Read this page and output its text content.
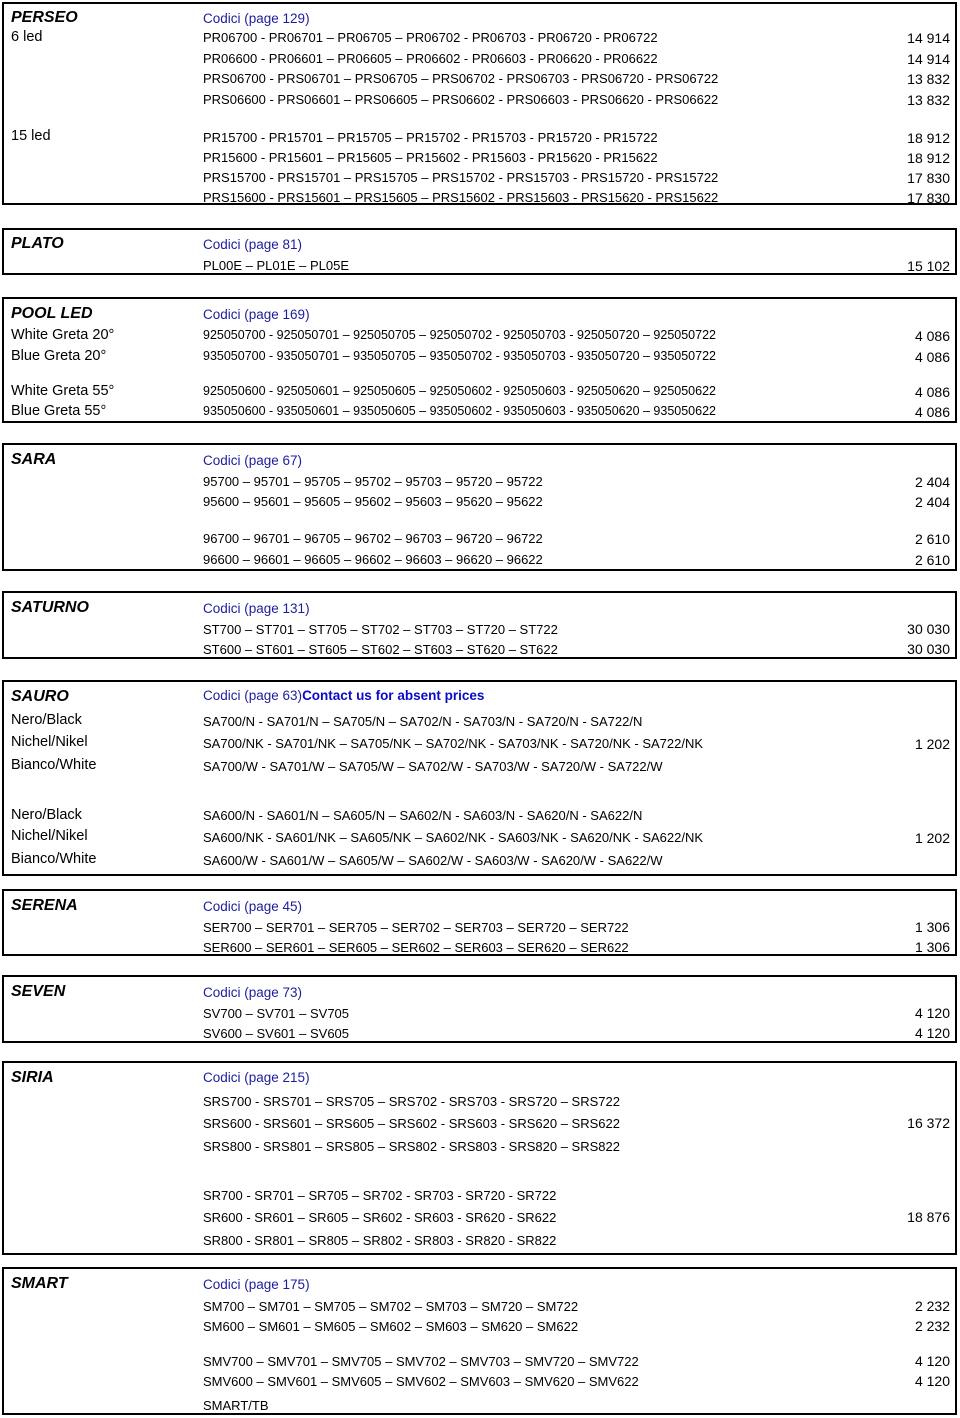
PERSEO	Codici (page 129)
6 led	PR06700 - PR06701 – PR06705 – PR06702 - PR06703 - PR06720 - PR06722	14 914
PR06600 - PR06601 – PR06605 – PR06602 - PR06603 - PR06620 - PR06622	14 914
PRS06700 - PRS06701 – PRS06705 – PRS06702 - PRS06703 - PRS06720 - PRS06722	13 832
PRS06600 - PRS06601 – PRS06605 – PRS06602 - PRS06603 - PRS06620 - PRS06622	13 832
15 led	PR15700 - PR15701 – PR15705 – PR15702 - PR15703 - PR15720 - PR15722	18 912
PR15600 - PR15601 – PR15605 – PR15602 - PR15603 - PR15620 - PR15622	18 912
PRS15700 - PRS15701 – PRS15705 – PRS15702 - PRS15703 - PRS15720 - PRS15722	17 830
PRS15600 - PRS15601 – PRS15605 – PRS15602 - PRS15603 - PRS15620 - PRS15622	17 830
PLATO	Codici (page 81)
PL00E – PL01E – PL05E	15 102
POOL LED	Codici (page 169)
White Greta 20°	925050700 - 925050701 – 925050705 – 925050702 - 925050703 - 925050720 – 925050722	4 086
Blue Greta 20°	935050700 - 935050701 – 935050705 – 935050702 - 935050703 - 935050720 – 935050722	4 086
White Greta 55°	925050600 - 925050601 – 925050605 – 925050602 - 925050603 - 925050620 – 925050622	4 086
Blue Greta 55°	935050600 - 935050601 – 935050605 – 935050602 - 935050603 - 935050620 – 935050622	4 086
SARA	Codici (page 67)
95700 – 95701 – 95705 – 95702 – 95703 – 95720 – 95722	2 404
95600 – 95601 – 95605 – 95602 – 95603 – 95620 – 95622	2 404
96700 – 96701 – 96705 – 96702 – 96703 – 96720 – 96722	2 610
96600 – 96601 – 96605 – 96602 – 96603 – 96620 – 96622	2 610
SATURNO	Codici (page 131)
ST700 – ST701 – ST705 – ST702 – ST703 – ST720 – ST722	30 030
ST600 – ST601 – ST605 – ST602 – ST603 – ST620 – ST622	30 030
SAURO	Codici (page 63)Contact us for absent prices
Nero/Black	SA700/N - SA701/N – SA705/N – SA702/N - SA703/N - SA720/N - SA722/N
Nichel/Nikel	SA700/NK - SA701/NK – SA705/NK – SA702/NK - SA703/NK - SA720/NK - SA722/NK	1 202
Bianco/White	SA700/W - SA701/W – SA705/W – SA702/W - SA703/W - SA720/W - SA722/W
Nero/Black	SA600/N - SA601/N – SA605/N – SA602/N - SA603/N - SA620/N - SA622/N
Nichel/Nikel	SA600/NK - SA601/NK – SA605/NK – SA602/NK - SA603/NK - SA620/NK - SA622/NK	1 202
Bianco/White	SA600/W - SA601/W – SA605/W – SA602/W - SA603/W - SA620/W - SA622/W
SERENA	Codici (page 45)
SER700 – SER701 – SER705 – SER702 – SER703 – SER720 – SER722	1 306
SER600 – SER601 – SER605 – SER602 – SER603 – SER620 – SER622	1 306
SEVEN	Codici (page 73)
SV700 – SV701 – SV705	4 120
SV600 – SV601 – SV605	4 120
SIRIA	Codici (page 215)
SRS700 - SRS701 – SRS705 – SRS702 - SRS703 - SRS720 – SRS722
SRS600 - SRS601 – SRS605 – SRS602 - SRS603 - SRS620 – SRS622	16 372
SRS800 - SRS801 – SRS805 – SRS802 - SRS803 - SRS820 – SRS822
SR700 - SR701 – SR705 – SR702 - SR703 - SR720 - SR722
SR600 - SR601 – SR605 – SR602 - SR603 - SR620 - SR622	18 876
SR800 - SR801 – SR805 – SR802 - SR803 - SR820 - SR822
SMART	Codici (page 175)
SM700 – SM701 – SM705 – SM702 – SM703 – SM720 – SM722	2 232
SM600 – SM601 – SM605 – SM602 – SM603 – SM620 – SM622	2 232
SMV700 – SMV701 – SMV705 – SMV702 – SMV703 – SMV720 – SMV722	4 120
SMV600 – SMV601 – SMV605 – SMV602 – SMV603 – SMV620 – SMV622	4 120
SMART/TB
